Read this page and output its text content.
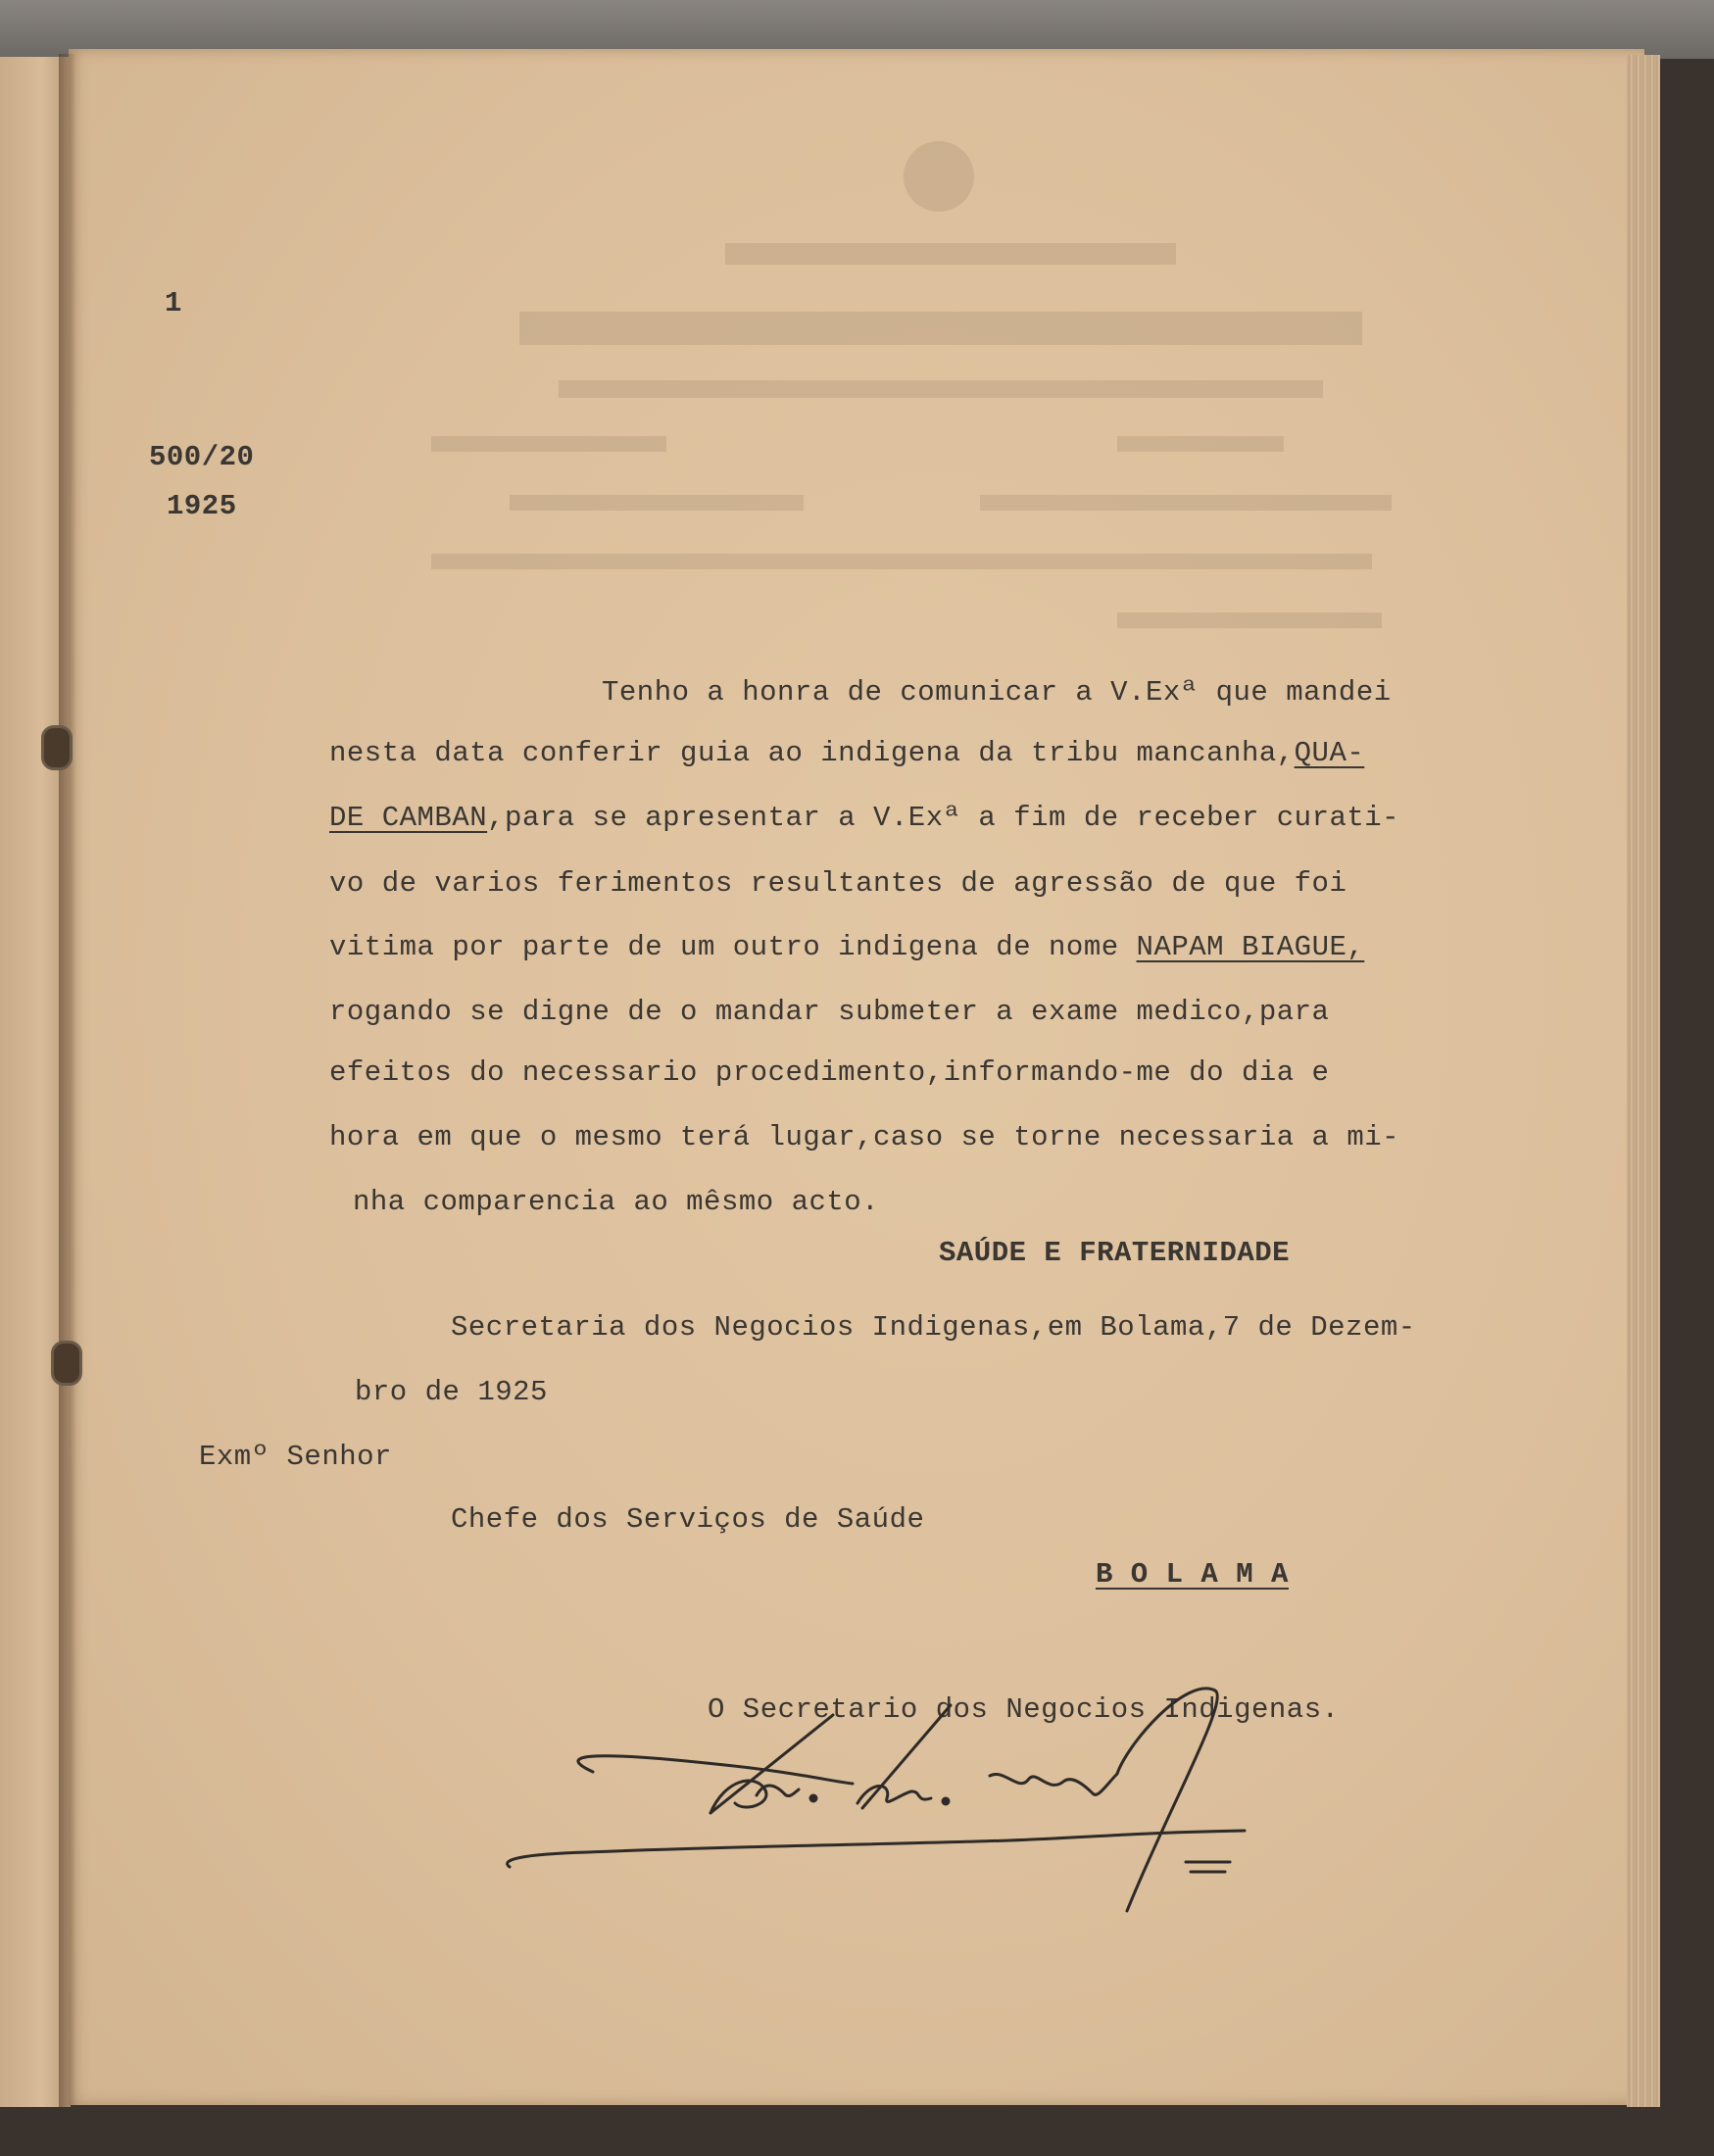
1
500/20
1925
Tenho a honra de comunicar a V.Exª que mandei
nesta data conferir guia ao indigena da tribu mancanha,QUA-
DE CAMBAN,para se apresentar a V.Exª a fim de receber curati-
vo de varios ferimentos resultantes de agressão de que foi
vitima por parte de um outro indigena de nome NAPAM BIAGUE,
rogando se digne de o mandar submeter a exame medico,para
efeitos do necessario procedimento,informando-me do dia e
hora em que o mesmo terá lugar,caso se torne necessaria a mi-
nha comparencia ao mêsmo acto.
SAÚDE E FRATERNIDADE
Secretaria dos Negocios Indigenas,em Bolama,7 de Dezem-
bro de 1925
Exmº Senhor
Chefe dos Serviços de Saúde
B O L A M A
O Secretario dos Negocios Indigenas.
